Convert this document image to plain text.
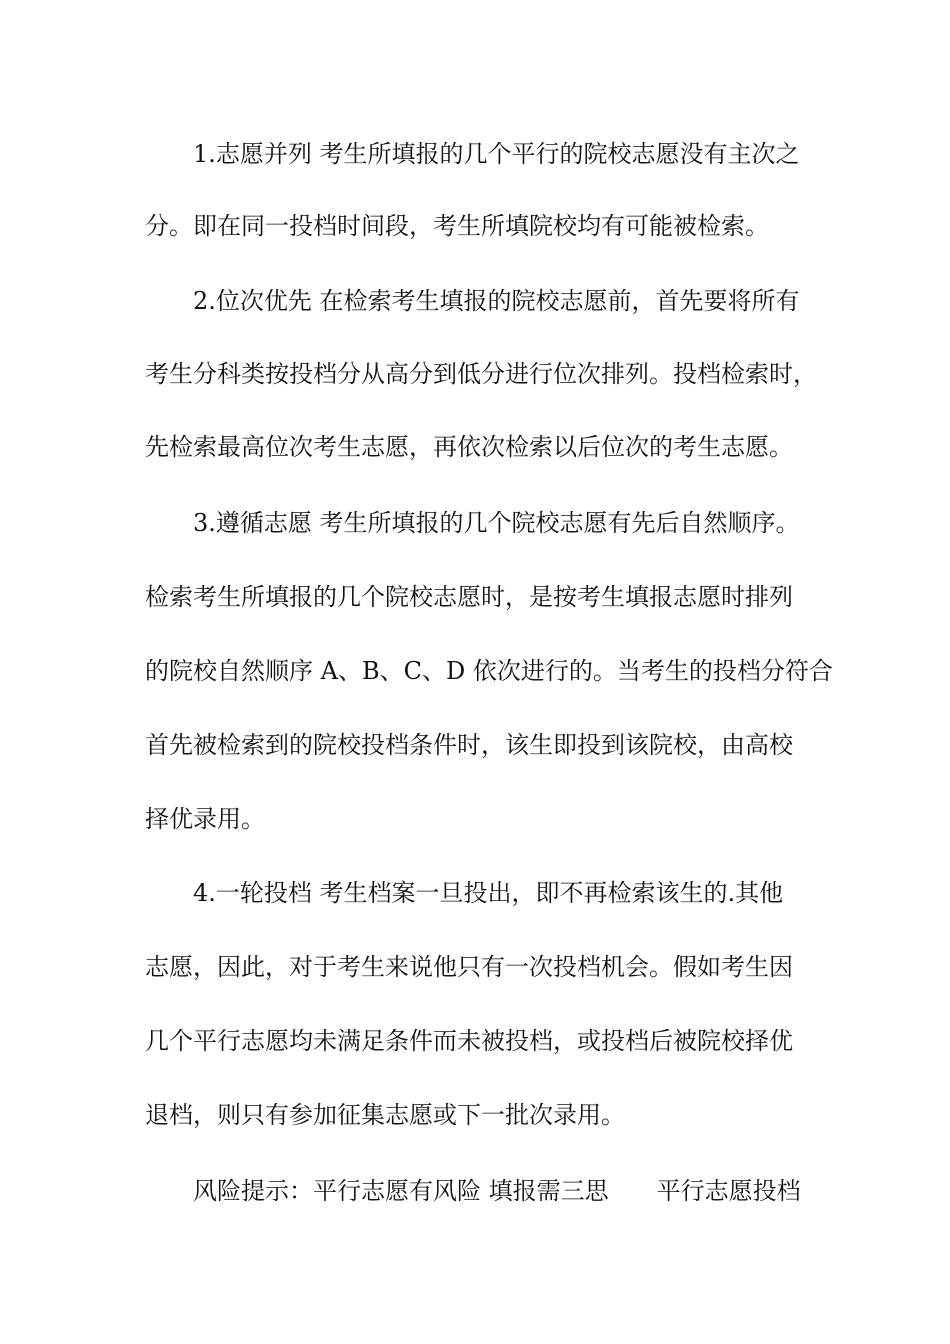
1.志愿并列 考生所填报的几个平行的院校志愿没有主次之
分。即在同一投档时间段，考生所填院校均有可能被检索。
2.位次优先 在检索考生填报的院校志愿前，首先要将所有
考生分科类按投档分从高分到低分进行位次排列。投档检索时，
先检索最高位次考生志愿，再依次检索以后位次的考生志愿。
3.遵循志愿 考生所填报的几个院校志愿有先后自然顺序。
检索考生所填报的几个院校志愿时，是按考生填报志愿时排列
的院校自然顺序 A、B、C、D 依次进行的。当考生的投档分符合
首先被检索到的院校投档条件时，该生即投到该院校，由高校
择优录用。
4.一轮投档 考生档案一旦投出，即不再检索该生的.其他
志愿，因此，对于考生来说他只有一次投档机会。假如考生因
几个平行志愿均未满足条件而未被投档，或投档后被院校择优
退档，则只有参加征集志愿或下一批次录用。
风险提示：平行志愿有风险 填报需三思　　平行志愿投档
